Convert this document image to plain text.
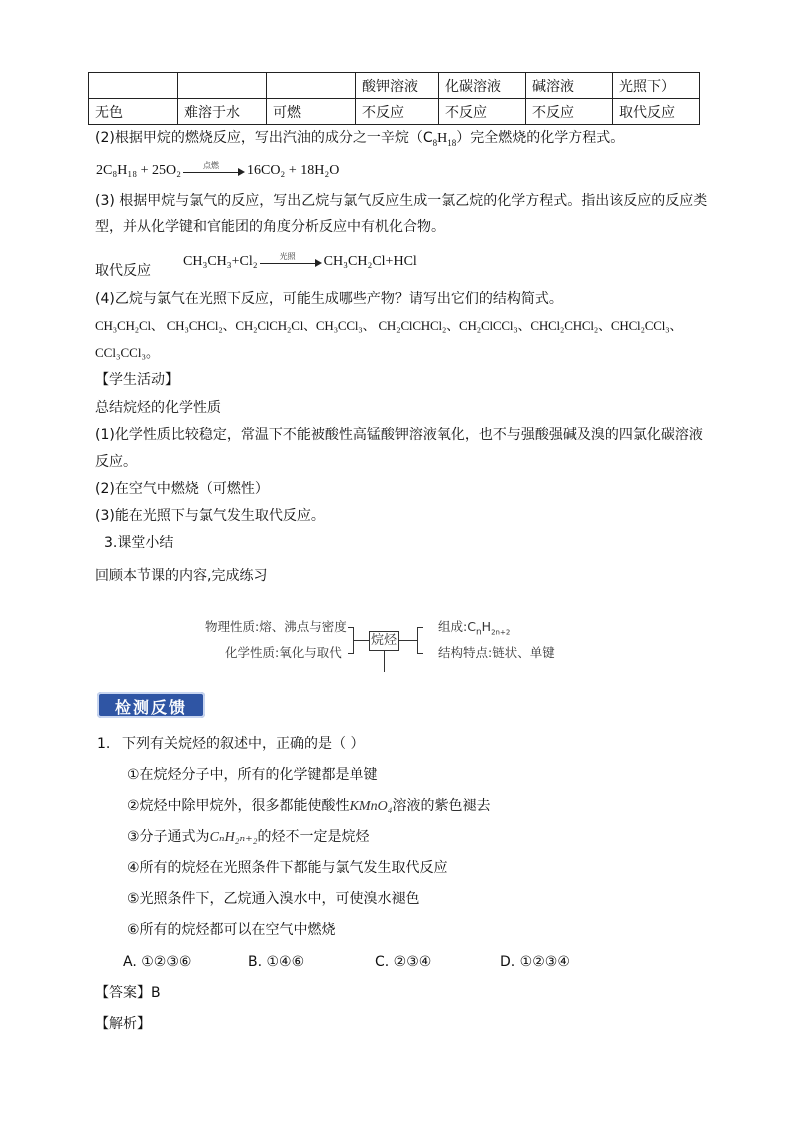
			酸钾溶液	化碳溶液	碱溶液	光照下）
无色	难溶于水	可燃	不反应	不反应	不反应	取代反应
(2)根据甲烷的燃烧反应，写出汽油的成分之一辛烷$(C_8H_{18})$完全燃烧的化学方程式。
2C₈H₁₈ + 25O₂	点燃	16CO₂ + 18H₂O
(3) 根据甲烷与氯气的反应，写出乙烷与氯气反应生成一氯乙烷的化学方程式。指出该反应的反应类
型，并从化学键和官能团的角度分析反应中有机化合物。
取代反应
CH₃CH₃+Cl₂	光照	CH₃CH₂Cl+HCl
(4)乙烷与氯气在光照下反应，可能生成哪些产物？请写出它们的结构简式。
CH₃CH₂Cl、 CH₃CHCl₂、CH₂ClCH₂Cl、CH₃CCl₃、 CH₂ClCHCl₂、CH₂ClCCl₃、CHCl₂CHCl₂、CHCl₂CCl₃、
CCl₃CCl₃。
【学生活动】
总结烷烃的化学性质
(1)化学性质比较稳定，常温下不能被酸性高锰酸钾溶液氧化，也不与强酸强碱及溴的四氯化碳溶液
反应。
(2)在空气中燃烧（可燃性）
(3)能在光照下与氯气发生取代反应。
3.课堂小结
回顾本节课的内容,完成练习
物理性质:熔、沸点与密度
化学性质:氧化与取代
烷烃
组成$:C_nH_{2n+2}$
结构特点:链状、单键
检测反馈
1. 下列有关烷烃的叙述中，正确的是（ ）
①在烷烃分子中，所有的化学键都是单键
②烷烃中除甲烷外，很多都能使酸性KMnO₄溶液的紫色褪去
③分子通式为CₙH₂ₙ₊₂的烃不一定是烷烃
④所有的烷烃在光照条件下都能与氯气发生取代反应
⑤光照条件下，乙烷通入溴水中，可使溴水褪色
⑥所有的烷烃都可以在空气中燃烧
A. ①②③⑥	B. ①④⑥	C. ②③④	D. ①②③④
【答案】B
【解析】
